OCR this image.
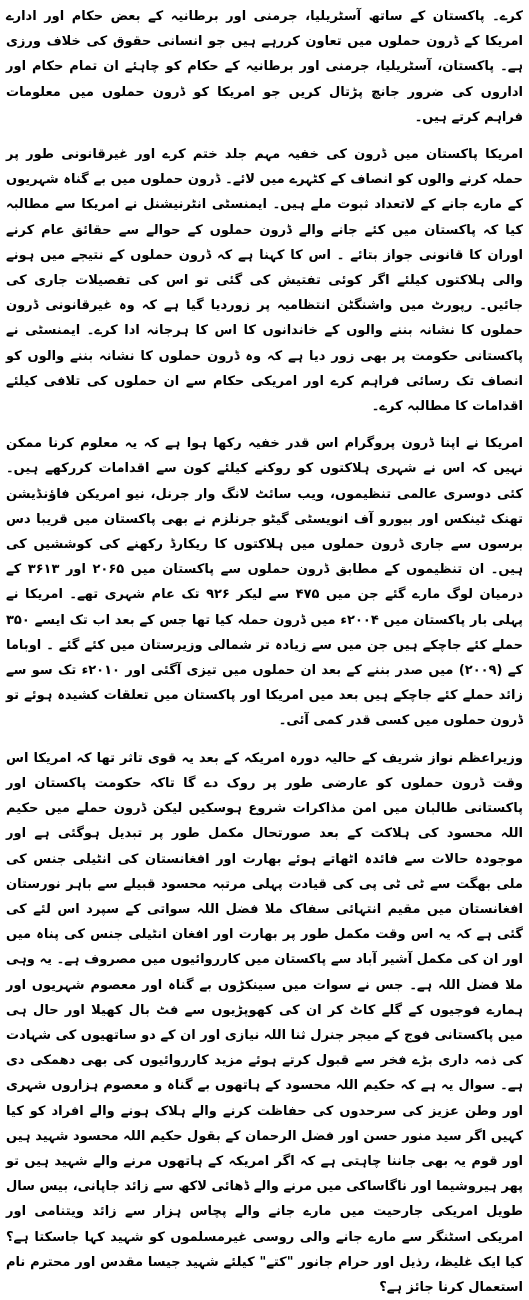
کرے۔ پاکستان کے ساتھ آسٹریلیا، جرمنی اور برطانیہ کے بعض حکام اور ادارے امریکا کے ڈرون حملوں میں تعاون کررہے ہیں جو انسانی حقوق کی خلاف ورزی ہے۔ پاکستان، آسٹریلیا، جرمنی اور برطانیہ کے حکام کو چاہئے ان تمام حکام اور اداروں کی ضرور جانچ پڑتال کریں جو امریکا کو ڈرون حملوں میں معلومات فراہم کرتے ہیں۔

امریکا پاکستان میں ڈرون کی خفیہ مہم جلد ختم کرے اور غیرقانونی طور پر حملہ کرنے والوں کو انصاف کے کٹہرے میں لائے۔ ڈرون حملوں میں بے گناہ شہریوں کے مارے جانے کے لاتعداد ثبوت ملے ہیں۔ ایمنسٹی انٹرنیشنل نے امریکا سے مطالبہ کیا کہ پاکستان میں کئے جانے والے ڈرون حملوں کے حوالے سے حقائق عام کرنے اوران کا قانونی جواز بتائے ۔ اس کا کہنا ہے کہ ڈرون حملوں کے نتیجے میں ہونے والی ہلاکتوں کیلئے اگر کوئی تفتیش کی گئی تو اس کی تفصیلات جاری کی جائیں۔ رپورٹ میں واشنگٹن انتظامیہ پر زوردیا گیا ہے کہ وہ غیرقانونی ڈرون حملوں کا نشانہ بننے والوں کے خاندانوں کا اس کا ہرجانہ ادا کرے۔ ایمنسٹی نے پاکستانی حکومت پر بھی زور دیا ہے کہ وہ ڈرون حملوں کا نشانہ بننے والوں کو انصاف تک رسائی فراہم کرے اور امریکی حکام سے ان حملوں کی تلافی کیلئے اقدامات کا مطالبہ کرے۔

امریکا نے اپنا ڈرون پروگرام اس قدر خفیہ رکھا ہوا ہے کہ یہ معلوم کرنا ممکن نہیں کہ اس نے شہری ہلاکتوں کو روکنے کیلئے کون سے اقدامات کررکھے ہیں۔ کئی دوسری عالمی تنظیموں، ویب سائٹ لانگ وار جرنل، نیو امریکن فاؤنڈیشن تھنک ٹینکس اور بیورو آف انویسٹی گیٹو جرنلزم نے بھی پاکستان میں قریبا دس برسوں سے جاری ڈرون حملوں میں ہلاکتوں کا ریکارڈ رکھنے کی کوششیں کی ہیں۔ ان تنظیموں کے مطابق ڈرون حملوں سے پاکستان میں ۲۰۶۵ اور ۳۶۱۳ کے درمیان لوگ مارے گئے جن میں ۴۷۵ سے لیکر ۹۲۶ تک عام شہری تھے۔ امریکا نے پہلی بار پاکستان میں ۲۰۰۴ء میں ڈرون حملہ کیا تھا جس کے بعد اب تک ایسے ۳۵۰ حملے کئے جاچکے ہیں جن میں سے زیادہ تر شمالی وزیرستان میں کئے گئے ۔ اوباما کے (۲۰۰۹) میں صدر بننے کے بعد ان حملوں میں تیزی آگئی اور ۲۰۱۰ء تک سو سے زائد حملے کئے جاچکے ہیں بعد میں امریکا اور پاکستان میں تعلقات کشیدہ ہوئے تو ڈرون حملوں میں کسی قدر کمی آئی۔

وزیراعظم نواز شریف کے حالیہ دورہ امریکہ کے بعد یہ قوی تاثر تھا کہ امریکا اس وقت ڈرون حملوں کو عارضی طور پر روک دے گا تاکہ حکومت پاکستان اور پاکستانی طالبان میں امن مذاکرات شروع ہوسکیں لیکن ڈرون حملے میں حکیم اللہ محسود کی ہلاکت کے بعد صورتحال مکمل طور پر تبدیل ہوگئی ہے اور موجودہ حالات سے فائدہ اٹھاتے ہوئے بھارت اور افغانستان کی انٹیلی جنس کی ملی بھگت سے ٹی ٹی پی کی قیادت پہلی مرتبہ محسود قبیلے سے باہر نورستان افغانستان میں مقیم انتہائی سفاک ملا فضل اللہ سواتی کے سپرد اس لئے کی گئی ہے کہ یہ اس وقت مکمل طور پر بھارت اور افغان انٹیلی جنس کی پناہ میں اور ان کی مکمل آشیر آباد سے پاکستان میں کارروائیوں میں مصروف ہے۔ یہ وہی ملا فضل اللہ ہے۔ جس نے سوات میں سینکڑوں بے گناہ اور معصوم شہریوں اور ہمارے فوجیوں کے گلے کاٹ کر ان کی کھوپڑیوں سے فٹ بال کھیلا اور حال ہی میں پاکستانی فوج کے میجر جنرل ثنا اللہ نیازی اور ان کے دو ساتھیوں کی شہادت کی ذمہ داری بڑے فخر سے قبول کرتے ہوئے مزید کارروائیوں کی بھی دھمکی دی ہے۔ سوال یہ ہے کہ حکیم اللہ محسود کے ہاتھوں بے گناہ و معصوم ہزاروں شہری اور وطن عزیز کی سرحدوں کی حفاظت کرنے والے ہلاک ہونے والے افراد کو کیا کہیں اگر سید منور حسن اور فضل الرحمان کے بقول حکیم اللہ محسود شہید ہیں اور قوم یہ بھی جاننا چاہتی ہے کہ اگر امریکہ کے ہاتھوں مرنے والے شہید ہیں تو پھر ہیروشیما اور ناگاساکی میں مرنے والے ڈھائی لاکھ سے زائد جاپانی، بیس سال طویل امریکی جارحیت میں مارے جانے والے پچاس ہزار سے زائد ویتنامی اور امریکی اسٹنگر سے مارے جانے والی روسی غیرمسلموں کو شہید کہا جاسکتا ہے؟ کیا ایک غلیظ، رذیل اور حرام جانور "کتے" کیلئے شہید جیسا مقدس اور محترم نام استعمال کرنا جائز ہے؟
